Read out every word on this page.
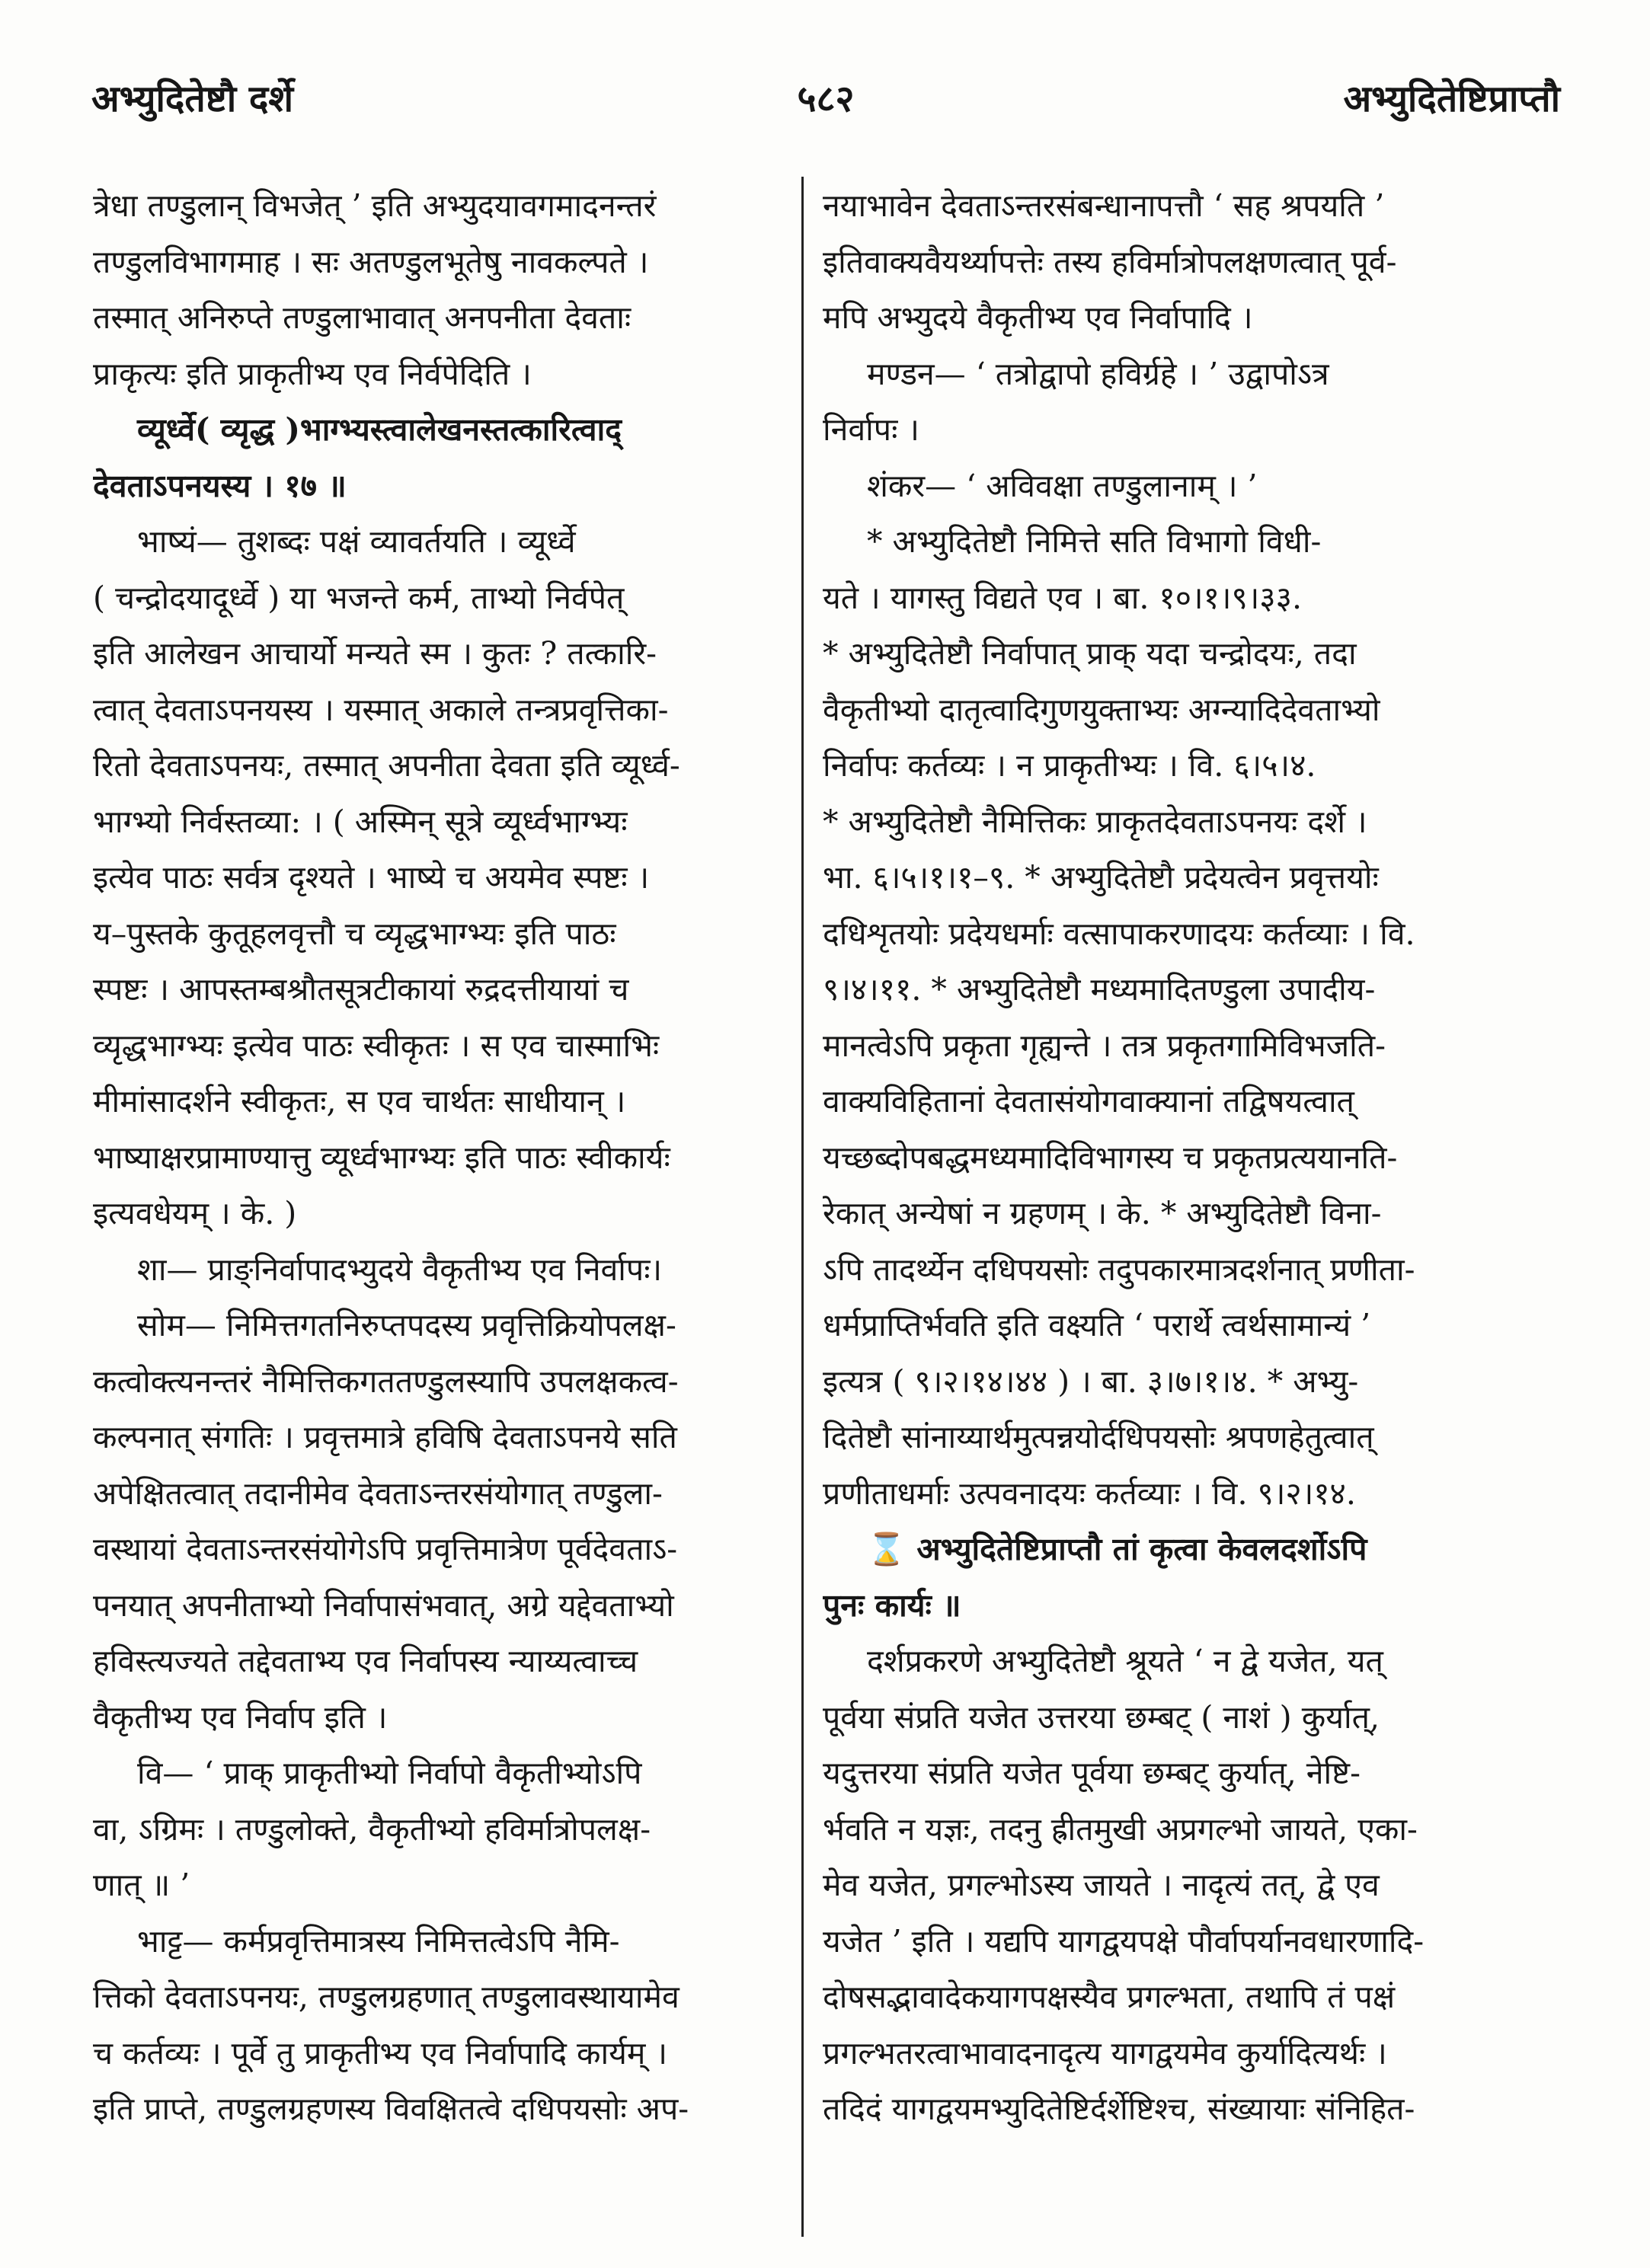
अभ्युदितेष्टौ दर्शे	५८२	अभ्युदितेष्टिप्राप्तौ
त्रेधा तण्डुलान् विभजेत् ’ इति अभ्युदयावगमादनन्तरं
तण्डुलविभागमाह । सः अतण्डुलभूतेषु नावकल्पते ।
तस्मात् अनिरुप्ते तण्डुलाभावात् अनपनीता देवताः
प्राकृत्यः इति प्राकृतीभ्य एव निर्वपेदिति ।
व्यूर्ध्वे( व्यृद्ध )भाग्भ्यस्त्वालेखनस्तत्कारित्वाद्
देवताऽपनयस्य । १७ ॥
भाष्यं— तुशब्दः पक्षं व्यावर्तयति । व्यूर्ध्वे
( चन्द्रोदयादूर्ध्वे ) या भजन्ते कर्म, ताभ्यो निर्वपेत्
इति आलेखन आचार्यो मन्यते स्म । कुतः ? तत्कारि-
त्वात् देवताऽपनयस्य । यस्मात् अकाले तन्त्रप्रवृत्तिका-
रितो देवताऽपनयः, तस्मात् अपनीता देवता इति व्यूर्ध्व-
भाग्भ्यो निर्वस्तव्या: । ( अस्मिन् सूत्रे व्यूर्ध्वभाग्भ्यः
इत्येव पाठः सर्वत्र दृश्यते । भाष्ये च अयमेव स्पष्टः ।
य–पुस्तके कुतूहलवृत्तौ च व्यृद्धभाग्भ्यः इति पाठः
स्पष्टः । आपस्तम्बश्रौतसूत्रटीकायां रुद्रदत्तीयायां च
व्यृद्धभाग्भ्यः इत्येव पाठः स्वीकृतः । स एव चास्माभिः
मीमांसादर्शने स्वीकृतः, स एव चार्थतः साधीयान् ।
भाष्याक्षरप्रामाण्यात्तु व्यूर्ध्वभाग्भ्यः इति पाठः स्वीकार्यः
इत्यवधेयम् । के. )
शा— प्राङ्निर्वापादभ्युदये वैकृतीभ्य एव निर्वापः।
सोम— निमित्तगतनिरुप्तपदस्य प्रवृत्तिक्रियोपलक्ष-
कत्वोक्त्यनन्तरं नैमित्तिकगततण्डुलस्यापि उपलक्षकत्व-
कल्पनात् संगतिः । प्रवृत्तमात्रे हविषि देवताऽपनये सति
अपेक्षितत्वात् तदानीमेव देवताऽन्तरसंयोगात् तण्डुला-
वस्थायां देवताऽन्तरसंयोगेऽपि प्रवृत्तिमात्रेण पूर्वदेवताऽ-
पनयात् अपनीताभ्यो निर्वापासंभवात्, अग्रे यद्देवताभ्यो
हविस्त्यज्यते तद्देवताभ्य एव निर्वापस्य न्याय्यत्वाच्च
वैकृतीभ्य एव निर्वाप इति ।
वि— ‘ प्राक् प्राकृतीभ्यो निर्वापो वैकृतीभ्योऽपि
वा, ऽग्रिमः । तण्डुलोक्ते, वैकृतीभ्यो हविर्मात्रोपलक्ष-
णात् ॥ ’
भाट्ट— कर्मप्रवृत्तिमात्रस्य निमित्तत्वेऽपि नैमि-
त्तिको देवताऽपनयः, तण्डुलग्रहणात् तण्डुलावस्थायामेव
च कर्तव्यः । पूर्वे तु प्राकृतीभ्य एव निर्वापादि कार्यम् ।
इति प्राप्ते, तण्डुलग्रहणस्य विवक्षितत्वे दधिपयसोः अप-
नयाभावेन देवताऽन्तरसंबन्धानापत्तौ ‘ सह श्रपयति ’
इतिवाक्यवैयर्थ्यापत्तेः तस्य हविर्मात्रोपलक्षणत्वात् पूर्व-
मपि अभ्युदये वैकृतीभ्य एव निर्वापादि ।
मण्डन— ‘ तत्रोद्वापो हविर्ग्रहे । ’ उद्वापोऽत्र
निर्वापः ।
शंकर— ‘ अविवक्षा तण्डुलानाम् । ’
* अभ्युदितेष्टौ निमित्ते सति विभागो विधी-
यते । यागस्तु विद्यते एव । बा. १०।१।९।३३.
* अभ्युदितेष्टौ निर्वापात् प्राक् यदा चन्द्रोदयः, तदा
वैकृतीभ्यो दातृत्वादिगुणयुक्ताभ्यः अग्न्यादिदेवताभ्यो
निर्वापः कर्तव्यः । न प्राकृतीभ्यः । वि. ६।५।४.
* अभ्युदितेष्टौ नैमित्तिकः प्राकृतदेवताऽपनयः दर्शे ।
भा. ६।५।१।१–९. * अभ्युदितेष्टौ प्रदेयत्वेन प्रवृत्तयोः
दधिशृतयोः प्रदेयधर्माः वत्सापाकरणादयः कर्तव्याः । वि.
९।४।११. * अभ्युदितेष्टौ मध्यमादितण्डुला उपादीय-
मानत्वेऽपि प्रकृता गृह्यन्ते । तत्र प्रकृतगामिविभजति-
वाक्यविहितानां देवतासंयोगवाक्यानां तद्विषयत्वात्
यच्छब्दोपबद्धमध्यमादिविभागस्य च प्रकृतप्रत्ययानति-
रेकात् अन्येषां न ग्रहणम् । के. * अभ्युदितेष्टौ विना-
ऽपि तादर्थ्येन दधिपयसोः तदुपकारमात्रदर्शनात् प्रणीता-
धर्मप्राप्तिर्भवति इति वक्ष्यति ‘ परार्थे त्वर्थसामान्यं ’
इत्यत्र ( ९।२।१४।४४ ) । बा. ३।७।१।४. * अभ्यु-
दितेष्टौ सांनाय्यार्थमुत्पन्नयोर्दधिपयसोः श्रपणहेतुत्वात्
प्रणीताधर्माः उत्पवनादयः कर्तव्याः । वि. ९।२।१४.
⌛ अभ्युदितेष्टिप्राप्तौ तां कृत्वा केवलदर्शोऽपि
पुनः कार्यः ॥
दर्शप्रकरणे अभ्युदितेष्टौ श्रूयते ‘ न द्वे यजेत, यत्
पूर्वया संप्रति यजेत उत्तरया छम्बट् ( नाशं ) कुर्यात्,
यदुत्तरया संप्रति यजेत पूर्वया छम्बट् कुर्यात्, नेष्टि-
र्भवति न यज्ञः, तदनु ह्रीतमुखी अप्रगल्भो जायते, एका-
मेव यजेत, प्रगल्भोऽस्य जायते । नादृत्यं तत्, द्वे एव
यजेत ’ इति । यद्यपि यागद्वयपक्षे पौर्वापर्यानवधारणादि-
दोषसद्भावादेकयागपक्षस्यैव प्रगल्भता, तथापि तं पक्षं
प्रगल्भतरत्वाभावादनादृत्य यागद्वयमेव कुर्यादित्यर्थः ।
तदिदं यागद्वयमभ्युदितेष्टिर्दर्शेष्टिश्च, संख्यायाः संनिहित-
